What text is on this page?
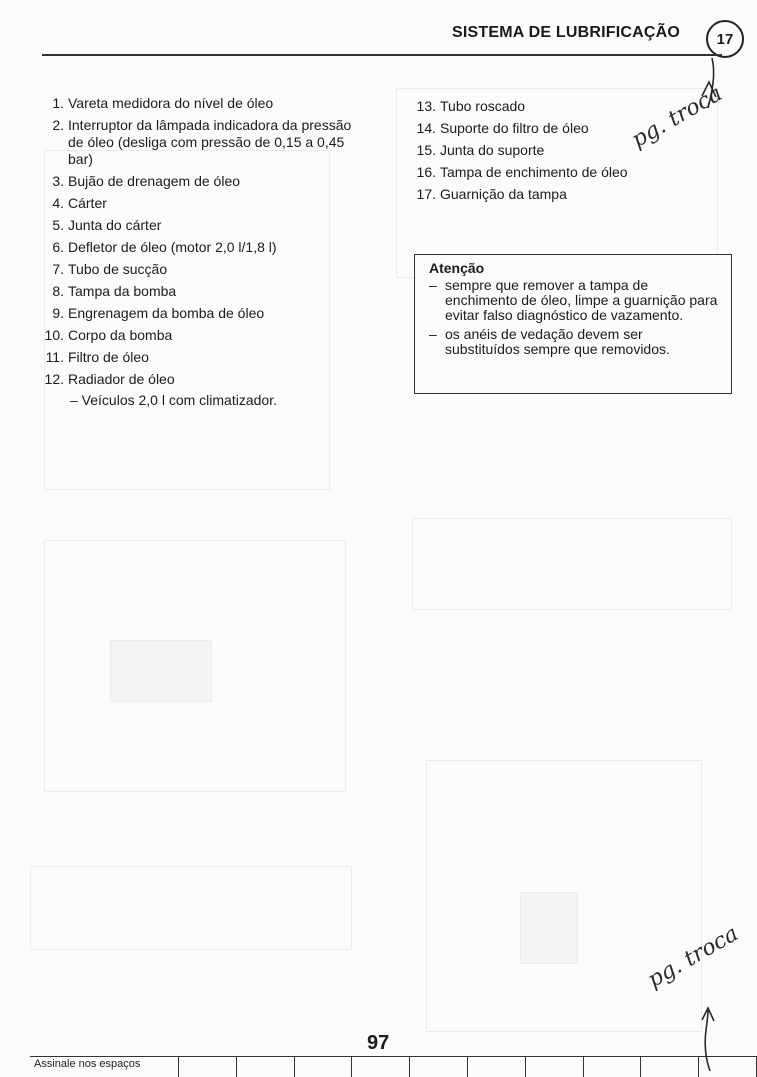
SISTEMA DE LUBRIFICAÇÃO	17
1. Vareta medidora do nível de óleo
2. Interruptor da lâmpada indicadora da pressão de óleo (desliga com pressão de 0,15 a 0,45 bar)
3. Bujão de drenagem de óleo
4. Cárter
5. Junta do cárter
6. Defletor de óleo (motor 2,0 l/1,8 l)
7. Tubo de sucção
8. Tampa da bomba
9. Engrenagem da bomba de óleo
10. Corpo da bomba
11. Filtro de óleo
12. Radiador de óleo
– Veículos 2,0 l com climatizador.
13. Tubo roscado
14. Suporte do filtro de óleo
15. Junta do suporte
16. Tampa de enchimento de óleo
17. Guarnição da tampa
Atenção
– sempre que remover a tampa de enchimento de óleo, limpe a guarnição para evitar falso diagnóstico de vazamento.
– os anéis de vedação devem ser substituídos sempre que removidos.
97
Assinale nos espaços
pg. troca
pg. troca
